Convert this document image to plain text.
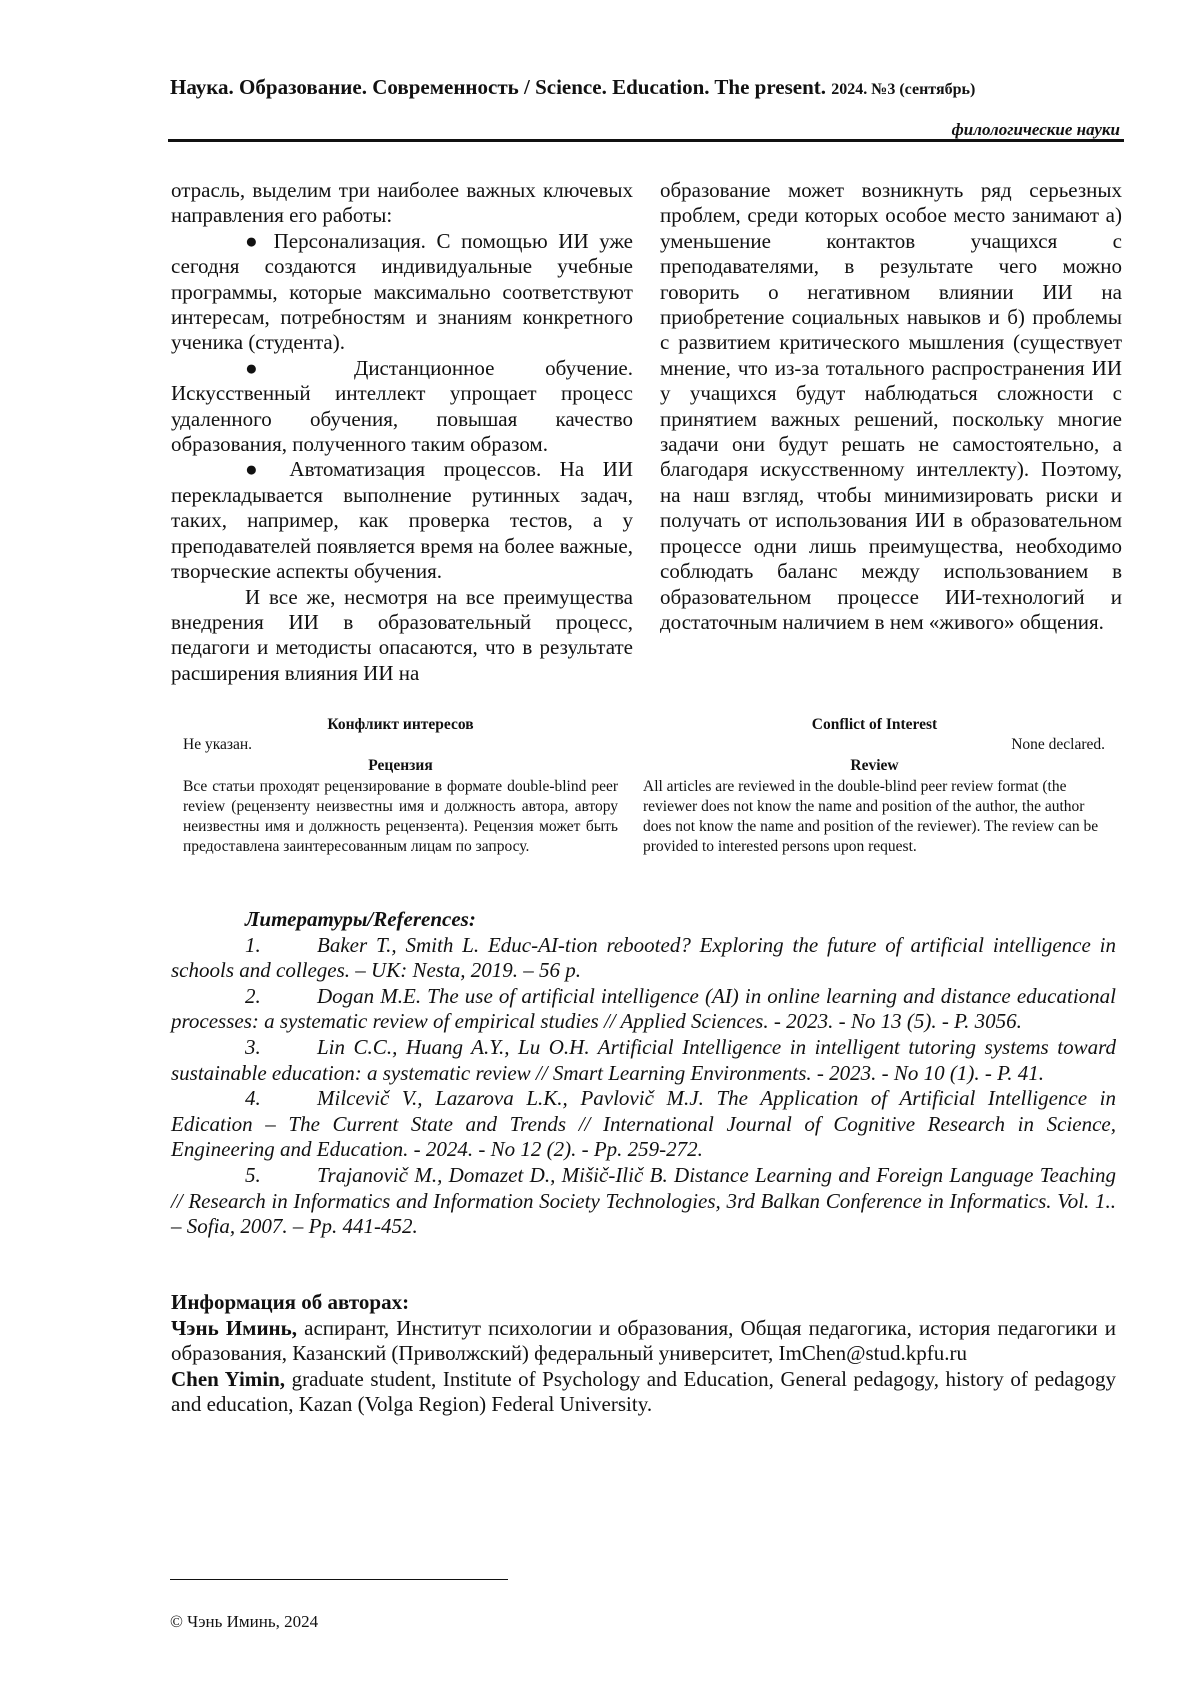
Наука. Образование. Современность / Science. Education. The present. 2024. №3 (сентябрь)
филологические науки

отрасль, выделим три наиболее важных ключевых направления его работы:

● Персонализация. С помощью ИИ уже сегодня создаются индивидуальные учебные программы, которые максимально соответствуют интересам, потребностям и знаниям конкретного ученика (студента).

● Дистанционное обучение. Искусственный интеллект упрощает процесс удаленного обучения, повышая качество образования, полученного таким образом.

● Автоматизация процессов. На ИИ перекладывается выполнение рутинных задач, таких, например, как проверка тестов, а у преподавателей появляется время на более важные, творческие аспекты обучения.

И все же, несмотря на все преимущества внедрения ИИ в образовательный процесс, педагоги и методисты опасаются, что в результате расширения влияния ИИ на

образование может возникнуть ряд серьезных проблем, среди которых особое место занимают а) уменьшение контактов учащихся с преподавателями, в результате чего можно говорить о негативном влиянии ИИ на приобретение социальных навыков и б) проблемы с развитием критического мышления (существует мнение, что из-за тотального распространения ИИ у учащихся будут наблюдаться сложности с принятием важных решений, поскольку многие задачи они будут решать не самостоятельно, а благодаря искусственному интеллекту). Поэтому, на наш взгляд, чтобы минимизировать риски и получать от использования ИИ в образовательном процессе одни лишь преимущества, необходимо соблюдать баланс между использованием в образовательном процессе ИИ-технологий и достаточным наличием в нем «живого» общения.

Конфликт интересов	Conflict of Interest
Не указан.	None declared.
Рецензия	Review
Все статьи проходят рецензирование в формате double-blind peer review (рецензенту неизвестны имя и должность автора, автору неизвестны имя и должность рецензента). Рецензия может быть предоставлена заинтересованным лицам по запросу.
All articles are reviewed in the double-blind peer review format (the reviewer does not know the name and position of the author, the author does not know the name and position of the reviewer). The review can be provided to interested persons upon request.
Литературы/References:

1.	Baker T., Smith L. Educ-AI-tion rebooted? Exploring the future of artificial intelligence in schools and colleges. – UK: Nesta, 2019. – 56 p.

2.	Dogan M.E. The use of artificial intelligence (AI) in online learning and distance educational processes: a systematic review of empirical studies // Applied Sciences. - 2023. - No 13 (5). - P. 3056.

3.	Lin C.C., Huang A.Y., Lu O.H. Artificial Intelligence in intelligent tutoring systems toward sustainable education: a systematic review // Smart Learning Environments. - 2023. - No 10 (1). - P. 41.

4.	Milcevič V., Lazarova L.K., Pavlovič M.J. The Application of Artificial Intelligence in Edication – The Current State and Trends // International Journal of Cognitive Research in Science, Engineering and Education. - 2024. - No 12 (2). - Pp. 259-272.

5.	Trajanovič M., Domazet D., Mišič-Ilič B. Distance Learning and Foreign Language Teaching // Research in Informatics and Information Society Technologies, 3rd Balkan Conference in Informatics. Vol. 1.. – Sofia, 2007. – Pp. 441-452.

Информация об авторах:

Чэнь Иминь, аспирант, Институт психологии и образования, Общая педагогика, история педагогики и образования, Казанский (Приволжский) федеральный университет, ImChen@stud.kpfu.ru

Chen Yimin, graduate student, Institute of Psychology and Education, General pedagogy, history of pedagogy and education, Kazan (Volga Region) Federal University.

© Чэнь Иминь, 2024
